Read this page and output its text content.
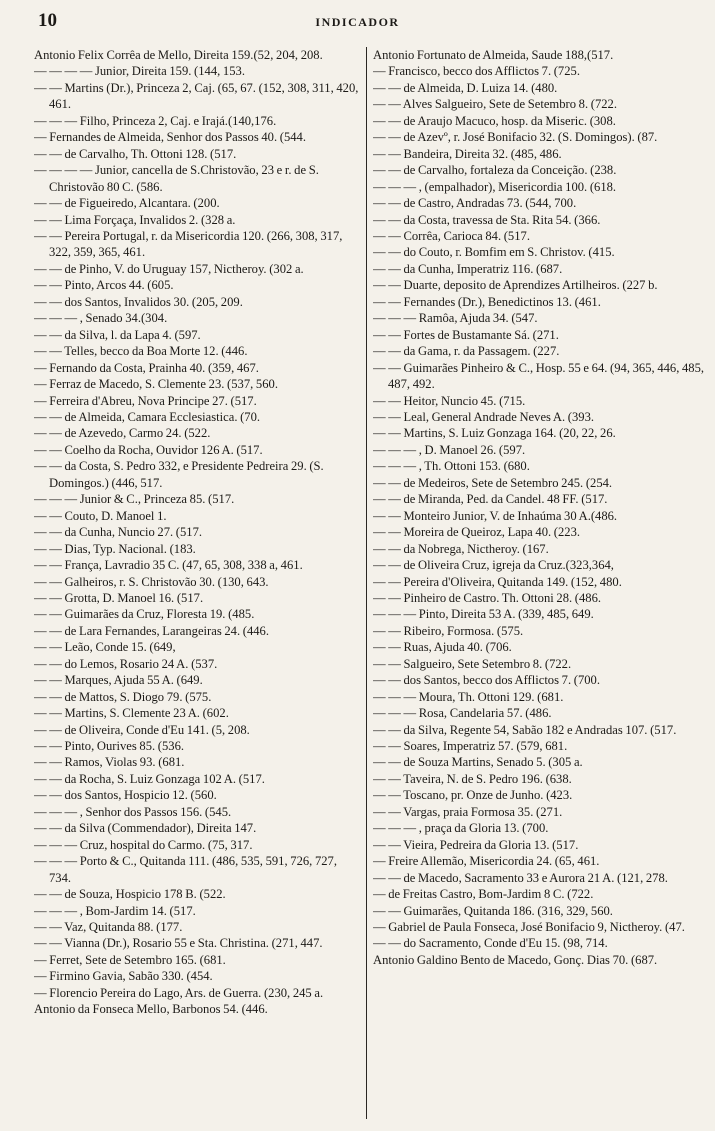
10	INDICADOR
Antonio Felix Corrêa de Mello, Direita 159.(52, 204, 208.
— — — — Junior, Direita 159. (144, 153.
— — Martins (Dr.), Princeza 2, Caj. (65, 67. (152, 308, 311, 420, 461.
— — — Filho, Princeza 2, Caj. e Irajá.(140,176.
— Fernandes de Almeida, Senhor dos Passos 40. (544.
— — de Carvalho, Th. Ottoni 128. (517.
— — — — Junior, cancella de S.Christovão, 23 e r. de S. Christovão 80 C. (586.
— — de Figueiredo, Alcantara. (200.
— — Lima Forçaça, Invalidos 2. (328 a.
— — Pereira Portugal, r. da Misericordia 120. (266, 308, 317, 322, 359, 365, 461.
— — de Pinho, V. do Uruguay 157, Nictheroy. (302 a.
— — Pinto, Arcos 44. (605.
— — dos Santos, Invalidos 30. (205, 209.
— — — , Senado 34.(304.
— — da Silva, l. da Lapa 4. (597.
— — Telles, becco da Boa Morte 12. (446.
— Fernando da Costa, Prainha 40. (359, 467.
— Ferraz de Macedo, S. Clemente 23. (537, 560.
— Ferreira d'Abreu, Nova Principe 27. (517.
— — de Almeida, Camara Ecclesiastica. (70.
— — de Azevedo, Carmo 24. (522.
— — Coelho da Rocha, Ouvidor 126 A. (517.
— — da Costa, S. Pedro 332, e Presidente Pedreira 29. (S. Domingos.) (446, 517.
— — — Junior & C., Princeza 85. (517.
— — Couto, D. Manoel 1.
— — da Cunha, Nuncio 27. (517.
— — Dias, Typ. Nacional. (183.
— — França, Lavradio 35 C. (47, 65, 308, 338 a, 461.
— — Galheiros, r. S. Christovão 30. (130, 643.
— — Grotta, D. Manoel 16. (517.
— — Guimarães da Cruz, Floresta 19. (485.
— — de Lara Fernandes, Larangeiras 24. (446.
— — Leão, Conde 15. (649,
— — do Lemos, Rosario 24 A. (537.
— — Marques, Ajuda 55 A. (649.
— — de Mattos, S. Diogo 79. (575.
— — Martins, S. Clemente 23 A. (602.
— — de Oliveira, Conde d'Eu 141. (5, 208.
— — Pinto, Ourives 85. (536.
— — Ramos, Violas 93. (681.
— — da Rocha, S. Luiz Gonzaga 102 A. (517.
— — dos Santos, Hospicio 12. (560.
— — — , Senhor dos Passos 156. (545.
— — da Silva (Commendador), Direita 147.
— — — Cruz, hospital do Carmo. (75, 317.
— — — Porto & C., Quitanda 111. (486, 535, 591, 726, 727, 734.
— — de Souza, Hospicio 178 B. (522.
— — — , Bom-Jardim 14. (517.
— — Vaz, Quitanda 88. (177.
— — Vianna (Dr.), Rosario 55 e Sta. Christina. (271, 447.
— Ferret, Sete de Setembro 165. (681.
— Firmino Gavia, Sabão 330. (454.
— Florencio Pereira do Lago, Ars. de Guerra. (230, 245 a.
Antonio da Fonseca Mello, Barbonos 54. (446.
Antonio Fortunato de Almeida, Saude 188,(517.
— Francisco, becco dos Afflictos 7. (725.
— — de Almeida, D. Luiza 14. (480.
— — Alves Salgueiro, Sete de Setembro 8. (722.
— — de Araujo Macuco, hosp. da Miseric. (308.
— — de Azevº, r. José Bonifacio 32. (S. Domingos). (87.
— — Bandeira, Direita 32. (485, 486.
— — de Carvalho, fortaleza da Conceição. (238.
— — — , (empalhador), Misericordia 100. (618.
— — de Castro, Andradas 73. (544, 700.
— — da Costa, travessa de Sta. Rita 54. (366.
— — Corrêa, Carioca 84. (517.
— — do Couto, r. Bomfim em S. Christov. (415.
— — da Cunha, Imperatriz 116. (687.
— — Duarte, deposito de Aprendizes Artilheiros. (227 b.
— — Fernandes (Dr.), Benedictinos 13. (461.
— — — Ramôa, Ajuda 34. (547.
— — Fortes de Bustamante Sá. (271.
— — da Gama, r. da Passagem. (227.
— — Guimarães Pinheiro & C., Hosp. 55 e 64. (94, 365, 446, 485, 487, 492.
— — Heitor, Nuncio 45. (715.
— — Leal, General Andrade Neves A. (393.
— — Martins, S. Luiz Gonzaga 164. (20, 22, 26.
— — — , D. Manoel 26. (597.
— — — , Th. Ottoni 153. (680.
— — de Medeiros, Sete de Setembro 245. (254.
— — de Miranda, Ped. da Candel. 48 FF. (517.
— — Monteiro Junior, V. de Inhaúma 30 A.(486.
— — Moreira de Queiroz, Lapa 40. (223.
— — da Nobrega, Nictheroy. (167.
— — de Oliveira Cruz, igreja da Cruz.(323,364,
— — Pereira d'Oliveira, Quitanda 149. (152, 480.
— — Pinheiro de Castro. Th. Ottoni 28. (486.
— — — Pinto, Direita 53 A. (339, 485, 649.
— — Ribeiro, Formosa. (575.
— — Ruas, Ajuda 40. (706.
— — Salgueiro, Sete Setembro 8. (722.
— — dos Santos, becco dos Afflictos 7. (700.
— — — Moura, Th. Ottoni 129. (681.
— — — Rosa, Candelaria 57. (486.
— — da Silva, Regente 54, Sabão 182 e Andradas 107. (517.
— — Soares, Imperatriz 57. (579, 681.
— — de Souza Martins, Senado 5. (305 a.
— — Taveira, N. de S. Pedro 196. (638.
— — Toscano, pr. Onze de Junho. (423.
— — Vargas, praia Formosa 35. (271.
— — — , praça da Gloria 13. (700.
— — Vieira, Pedreira da Gloria 13. (517.
— Freire Allemão, Misericordia 24. (65, 461.
— — de Macedo, Sacramento 33 e Aurora 21 A. (121, 278.
— de Freitas Castro, Bom-Jardim 8 C. (722.
— — Guimarães, Quitanda 186. (316, 329, 560.
— Gabriel de Paula Fonseca, José Bonifacio 9, Nictheroy. (47.
— — do Sacramento, Conde d'Eu 15. (98, 714.
Antonio Galdino Bento de Macedo, Gonç. Dias 70. (687.
